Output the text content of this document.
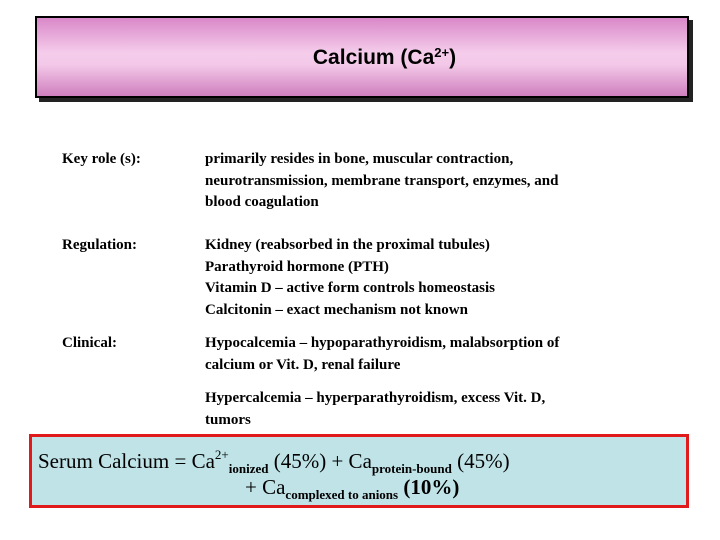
Calcium $(Ca^{2+})$
Key role (s):	primarily resides in bone, muscular contraction,
neurotransmission, membrane transport, enzymes, and
blood coagulation
Regulation:	Kidney (reabsorbed in the proximal tubules)
Parathyroid hormone (PTH)
Vitamin D – active form controls homeostasis
Calcitonin – exact mechanism not known
Clinical:	Hypocalcemia – hypoparathyroidism, malabsorption of
calcium or Vit. D, renal failure
Hypercalcemia – hyperparathyroidism, excess Vit. D,
tumors
Serum Calcium = $Ca^{2+}_{ionized}$ $(45\%) + Ca_{protein-bound}$ (45%)
+ $Ca_{complexed to anions}$ (10%)
